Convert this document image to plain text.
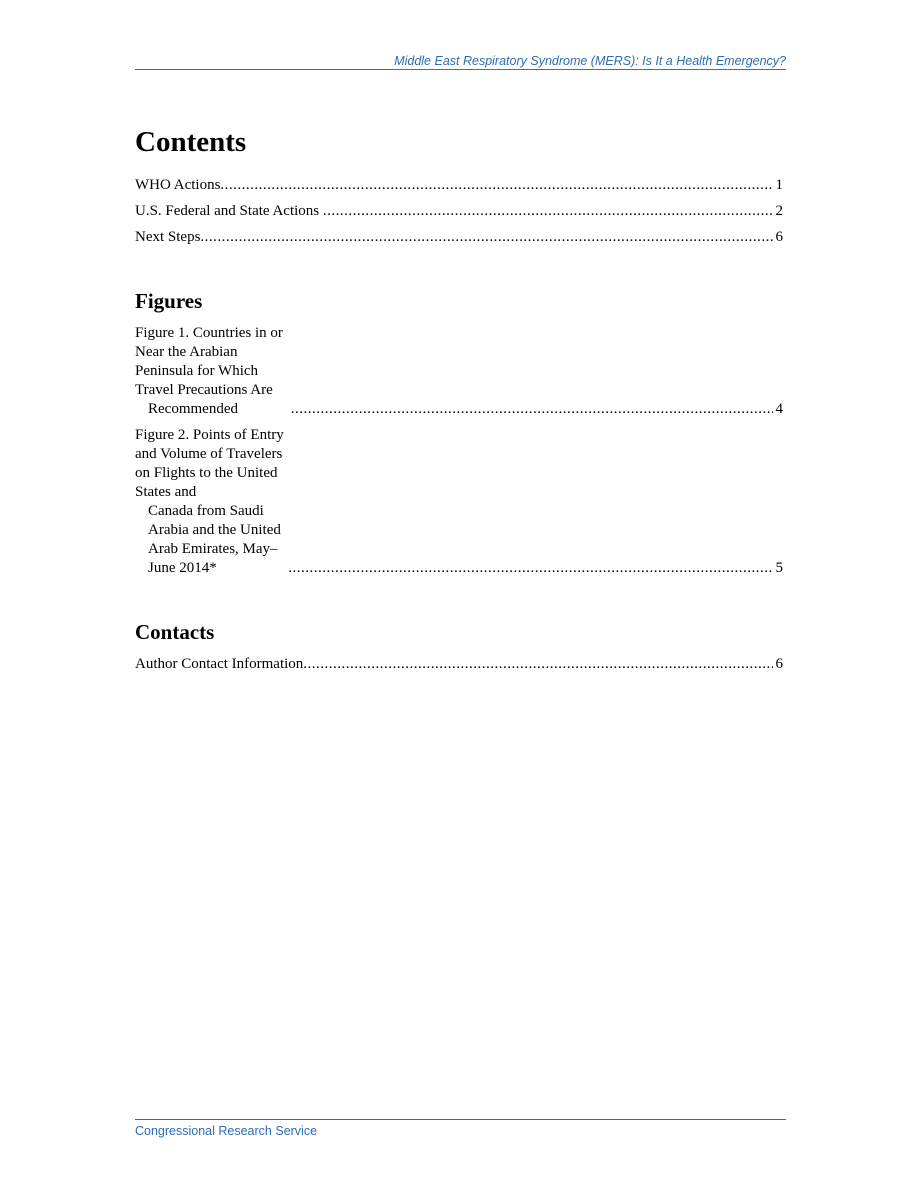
Middle East Respiratory Syndrome (MERS): Is It a Health Emergency?
Contents
WHO Actions .....	1
U.S. Federal and State Actions .....	2
Next Steps .....	6
Figures
Figure 1. Countries in or Near the Arabian Peninsula for Which Travel Precautions Are
Recommended .....	4
Figure 2. Points of Entry and Volume of Travelers on Flights to the United States and
Canada from Saudi Arabia and the United Arab Emirates, May–June 2014* .....	5
Contacts
Author Contact Information .....	6
Congressional Research Service
